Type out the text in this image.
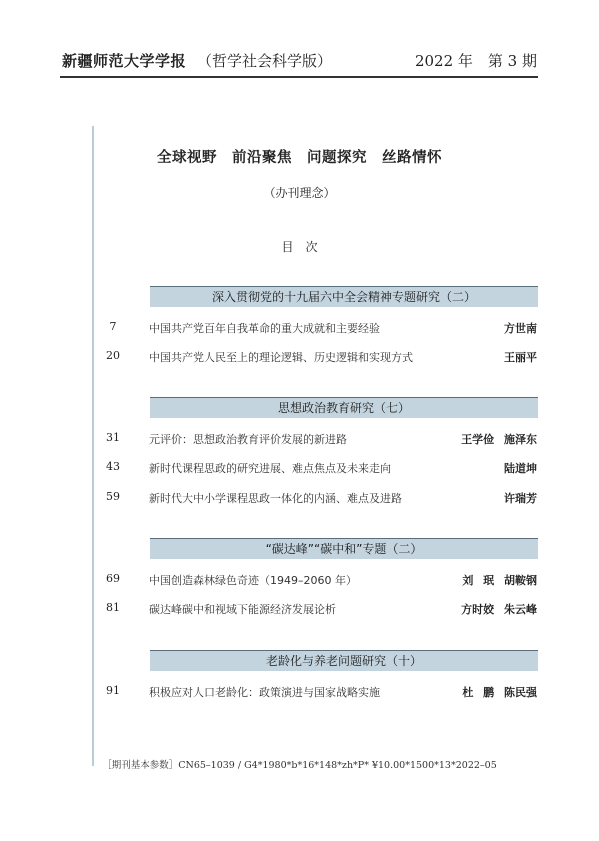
新疆师范大学学报 （哲学社会科学版）	2022 年　第 3 期
全球视野　前沿聚焦　问题探究　丝路情怀
（办刊理念）
目　次
深入贯彻党的十九届六中全会精神专题研究（二）
7	中国共产党百年自我革命的重大成就和主要经验	方世南
20	中国共产党人民至上的理论逻辑、历史逻辑和实现方式	王丽平
思想政治教育研究（七）
31	元评价：思想政治教育评价发展的新进路	王学俭 施泽东
43	新时代课程思政的研究进展、难点焦点及未来走向	陆道坤
59	新时代大中小学课程思政一体化的内涵、难点及进路	许瑞芳
“碳达峰”“碳中和”专题（二）
69	中国创造森林绿色奇迹（1949–2060 年）	刘 珉 胡鞍钢
81	碳达峰碳中和视域下能源经济发展论析	方时姣 朱云峰
老龄化与养老问题研究（十）
91	积极应对人口老龄化：政策演进与国家战略实施	杜 鹏 陈民强
［期刊基本参数］CN65–1039 / G4*1980*b*16*148*zh*P* ¥10.00*1500*13*2022–05
